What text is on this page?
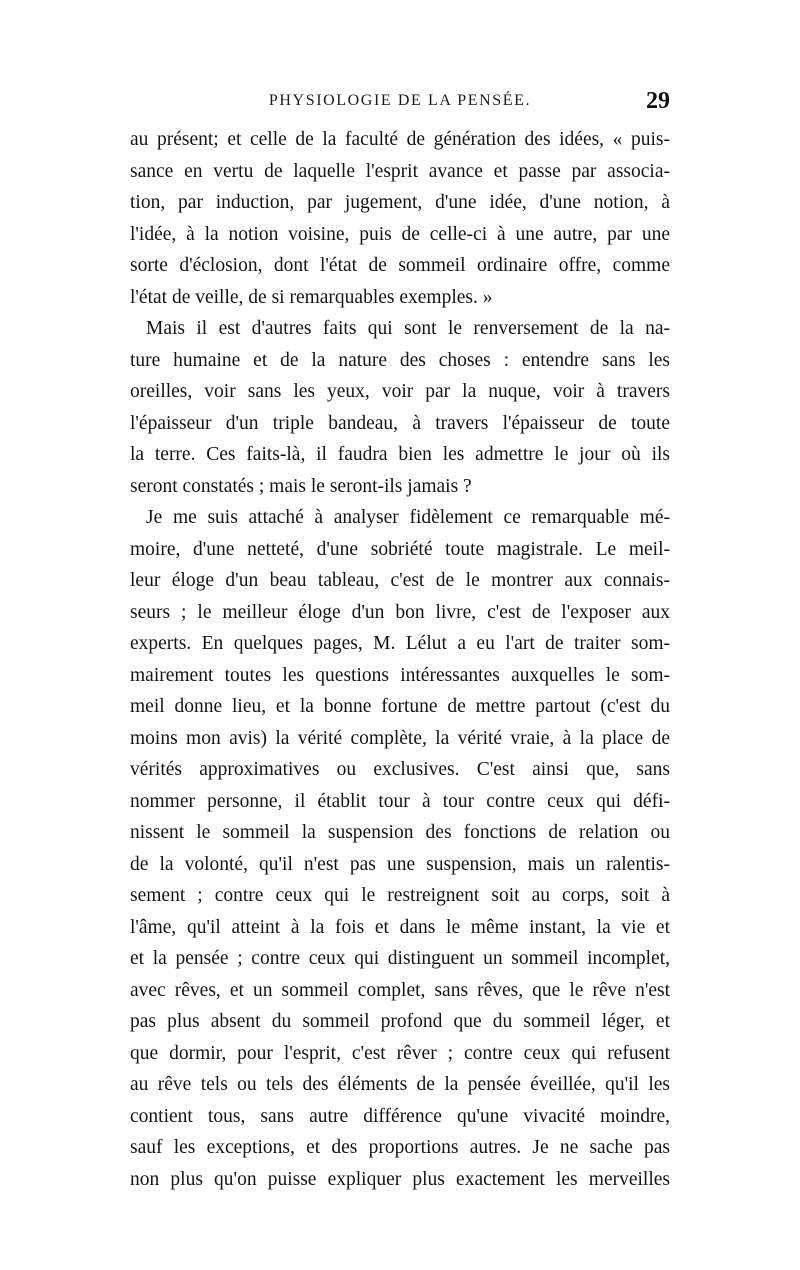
PHYSIOLOGIE DE LA PENSÉE.	29
au présent; et celle de la faculté de génération des idées, « puis-
sance en vertu de laquelle l'esprit avance et passe par associa-
tion, par induction, par jugement, d'une idée, d'une notion, à
l'idée, à la notion voisine, puis de celle-ci à une autre, par une
sorte d'éclosion, dont l'état de sommeil ordinaire offre, comme
l'état de veille, de si remarquables exemples. »
Mais il est d'autres faits qui sont le renversement de la na-
ture humaine et de la nature des choses : entendre sans les
oreilles, voir sans les yeux, voir par la nuque, voir à travers
l'épaisseur d'un triple bandeau, à travers l'épaisseur de toute
la terre. Ces faits-là, il faudra bien les admettre le jour où ils
seront constatés ; mais le seront-ils jamais ?
Je me suis attaché à analyser fidèlement ce remarquable mé-
moire, d'une netteté, d'une sobriété toute magistrale. Le meil-
leur éloge d'un beau tableau, c'est de le montrer aux connais-
seurs ; le meilleur éloge d'un bon livre, c'est de l'exposer aux
experts. En quelques pages, M. Lélut a eu l'art de traiter som-
mairement toutes les questions intéressantes auxquelles le som-
meil donne lieu, et la bonne fortune de mettre partout (c'est du
moins mon avis) la vérité complète, la vérité vraie, à la place de
vérités approximatives ou exclusives. C'est ainsi que, sans
nommer personne, il établit tour à tour contre ceux qui défi-
nissent le sommeil la suspension des fonctions de relation ou
de la volonté, qu'il n'est pas une suspension, mais un ralentis-
sement ; contre ceux qui le restreignent soit au corps, soit à
l'âme, qu'il atteint à la fois et dans le même instant, la vie et
et la pensée ; contre ceux qui distinguent un sommeil incomplet,
avec rêves, et un sommeil complet, sans rêves, que le rêve n'est
pas plus absent du sommeil profond que du sommeil léger, et
que dormir, pour l'esprit, c'est rêver ; contre ceux qui refusent
au rêve tels ou tels des éléments de la pensée éveillée, qu'il les
contient tous, sans autre différence qu'une vivacité moindre,
sauf les exceptions, et des proportions autres. Je ne sache pas
non plus qu'on puisse expliquer plus exactement les merveilles
